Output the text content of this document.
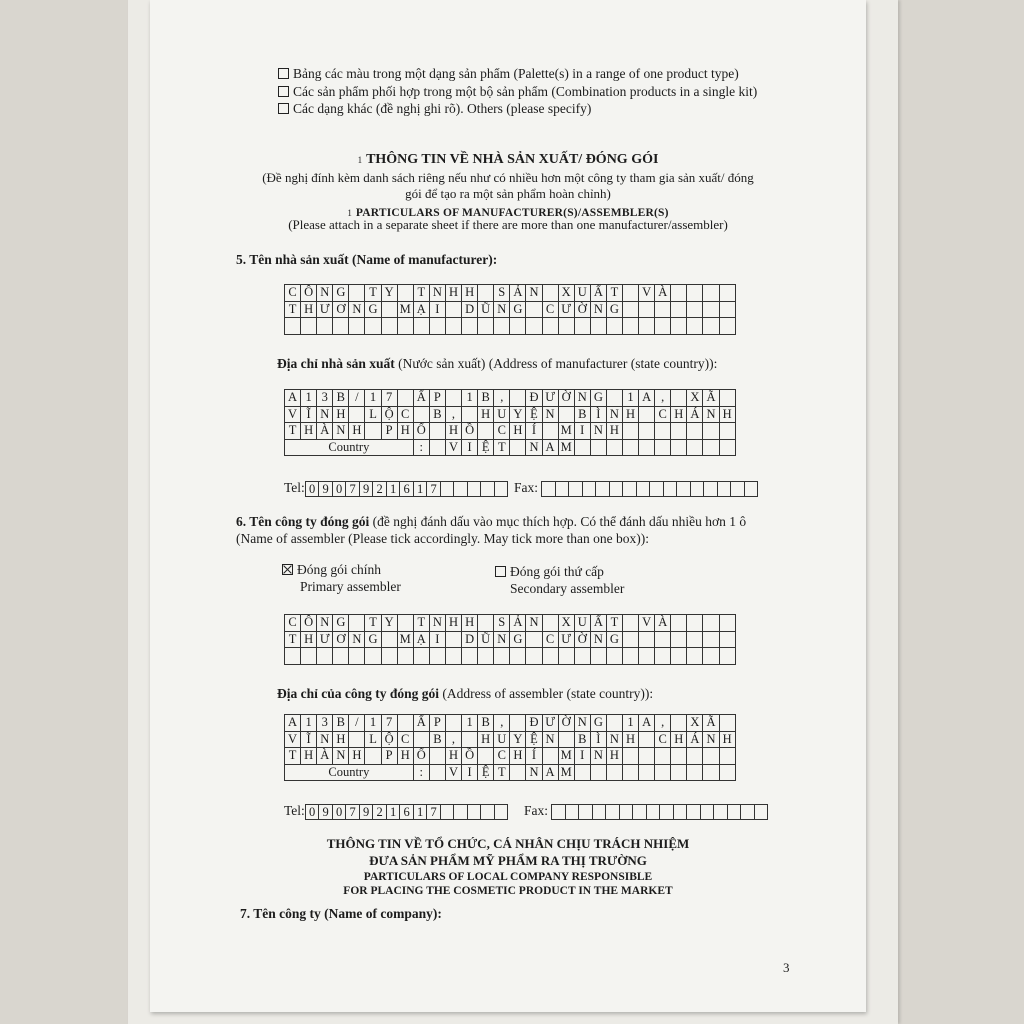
Bảng các màu trong một dạng sản phẩm (Palette(s) in a range of one product type)
Các sản phẩm phối hợp trong một bộ sản phẩm (Combination products in a single kit)
Các dạng khác (đề nghị ghi rõ). Others (please specify)
1 THÔNG TIN VỀ NHÀ SẢN XUẤT/ ĐÓNG GÓI
(Đề nghị đính kèm danh sách riêng nếu như có nhiều hơn một công ty tham gia sản xuất/ đóng
gói để tạo ra một sản phẩm hoàn chỉnh)
1 PARTICULARS OF MANUFACTURER(S)/ASSEMBLER(S)
(Please attach in a separate sheet if there are more than one manufacturer/assembler)
5. Tên nhà sản xuất (Name of manufacturer):
C	Ô	N	G		T	Y		T	N	H	H		S	Ả	N		X	U	Ấ	T		V	À				
T	H	Ư	Ơ	N	G		M	Ạ	I		D	Ũ	N	G		C	Ư	Ờ	N	G							

Địa chỉ nhà sản xuất (Nước sản xuất) (Address of manufacturer (state country)):
A	1	3	B	/	1	7		Ấ	P		1	B	,		Đ	Ư	Ờ	N	G		1	A	,		X	Ã	
V	Ĩ	N	H		L	Ộ	C		B	,		H	U	Y	Ệ	N		B	Ì	N	H		C	H	Á	N	H
T	H	À	N	H		P	H	Ố		H	Ồ		C	H	Í		M	I	N	H							
Country								:		V	I	Ệ	T		N	A	M										
Tel: 0	9	0	7	9	2	1	6	1	7						Fax:															
6. Tên công ty đóng gói (đề nghị đánh dấu vào mục thích hợp. Có thể đánh dấu nhiều hơn 1 ô
(Name of assembler (Please tick accordingly. May tick more than one box)):
Đóng gói chính
Primary assembler
Đóng gói thứ cấp
Secondary assembler
C	Ô	N	G		T	Y		T	N	H	H		S	Ả	N		X	U	Ấ	T		V	À				
T	H	Ư	Ơ	N	G		M	Ạ	I		D	Ũ	N	G		C	Ư	Ờ	N	G							

Địa chỉ của công ty đóng gói (Address of assembler (state country)):
A	1	3	B	/	1	7		Ấ	P		1	B	,		Đ	Ư	Ờ	N	G		1	A	,		X	Ã	
V	Ĩ	N	H		L	Ộ	C		B	,		H	U	Y	Ệ	N		B	Ì	N	H		C	H	Á	N	H
T	H	À	N	H		P	H	Ố		H	Ồ		C	H	Í		M	I	N	H							
Country								:		V	I	Ệ	T		N	A	M										
Tel: 0	9	0	7	9	2	1	6	1	7						Fax:															
THÔNG TIN VỀ TỔ CHỨC, CÁ NHÂN CHỊU TRÁCH NHIỆM
ĐƯA SẢN PHẨM MỸ PHẨM RA THỊ TRƯỜNG
PARTICULARS OF LOCAL COMPANY RESPONSIBLE
FOR PLACING THE COSMETIC PRODUCT IN THE MARKET
7. Tên công ty (Name of company):
3
